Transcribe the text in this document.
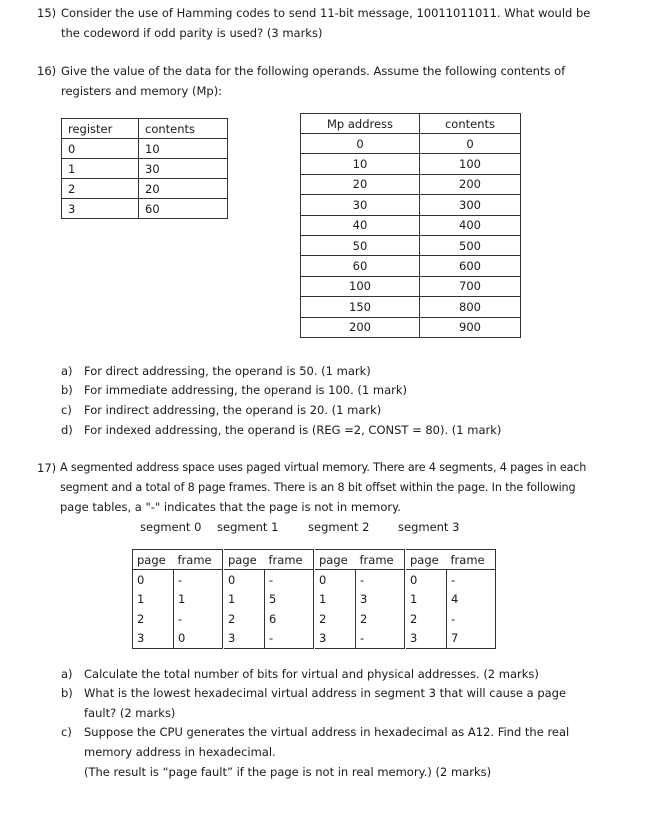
15) Consider the use of Hamming codes to send 11-bit message, 10011011011. What would be
the codeword if odd parity is used? (3 marks)
16) Give the value of the data for the following operands. Assume the following contents of
registers and memory (Mp):
register	contents
0	10
1	30
2	20
3	60
Mp address	contents
0	0
10	100
20	200
30	300
40	400
50	500
60	600
100	700
150	800
200	900
a) For direct addressing, the operand is 50. (1 mark)
b) For immediate addressing, the operand is 100. (1 mark)
c) For indirect addressing, the operand is 20. (1 mark)
d) For indexed addressing, the operand is (REG =2, CONST = 80). (1 mark)
17) A segmented address space uses paged virtual memory. There are 4 segments, 4 pages in each
segment and a total of 8 page frames. There is an 8 bit offset within the page. In the following
page tables, a "-" indicates that the page is not in memory.
segment 0 segment 1	segment 2 segment 3
page	frame
0	-
1	1
2	-
3	0
page	frame
0	-
1	5
2	6
3	-
page	frame
0	-
1	3
2	2
3	-
page	frame
0	-
1	4
2	-
3	7
a) Calculate the total number of bits for virtual and physical addresses. (2 marks)
b) What is the lowest hexadecimal virtual address in segment 3 that will cause a page
fault? (2 marks)
c) Suppose the CPU generates the virtual address in hexadecimal as A12. Find the real
memory address in hexadecimal.
(The result is “page fault” if the page is not in real memory.) (2 marks)
